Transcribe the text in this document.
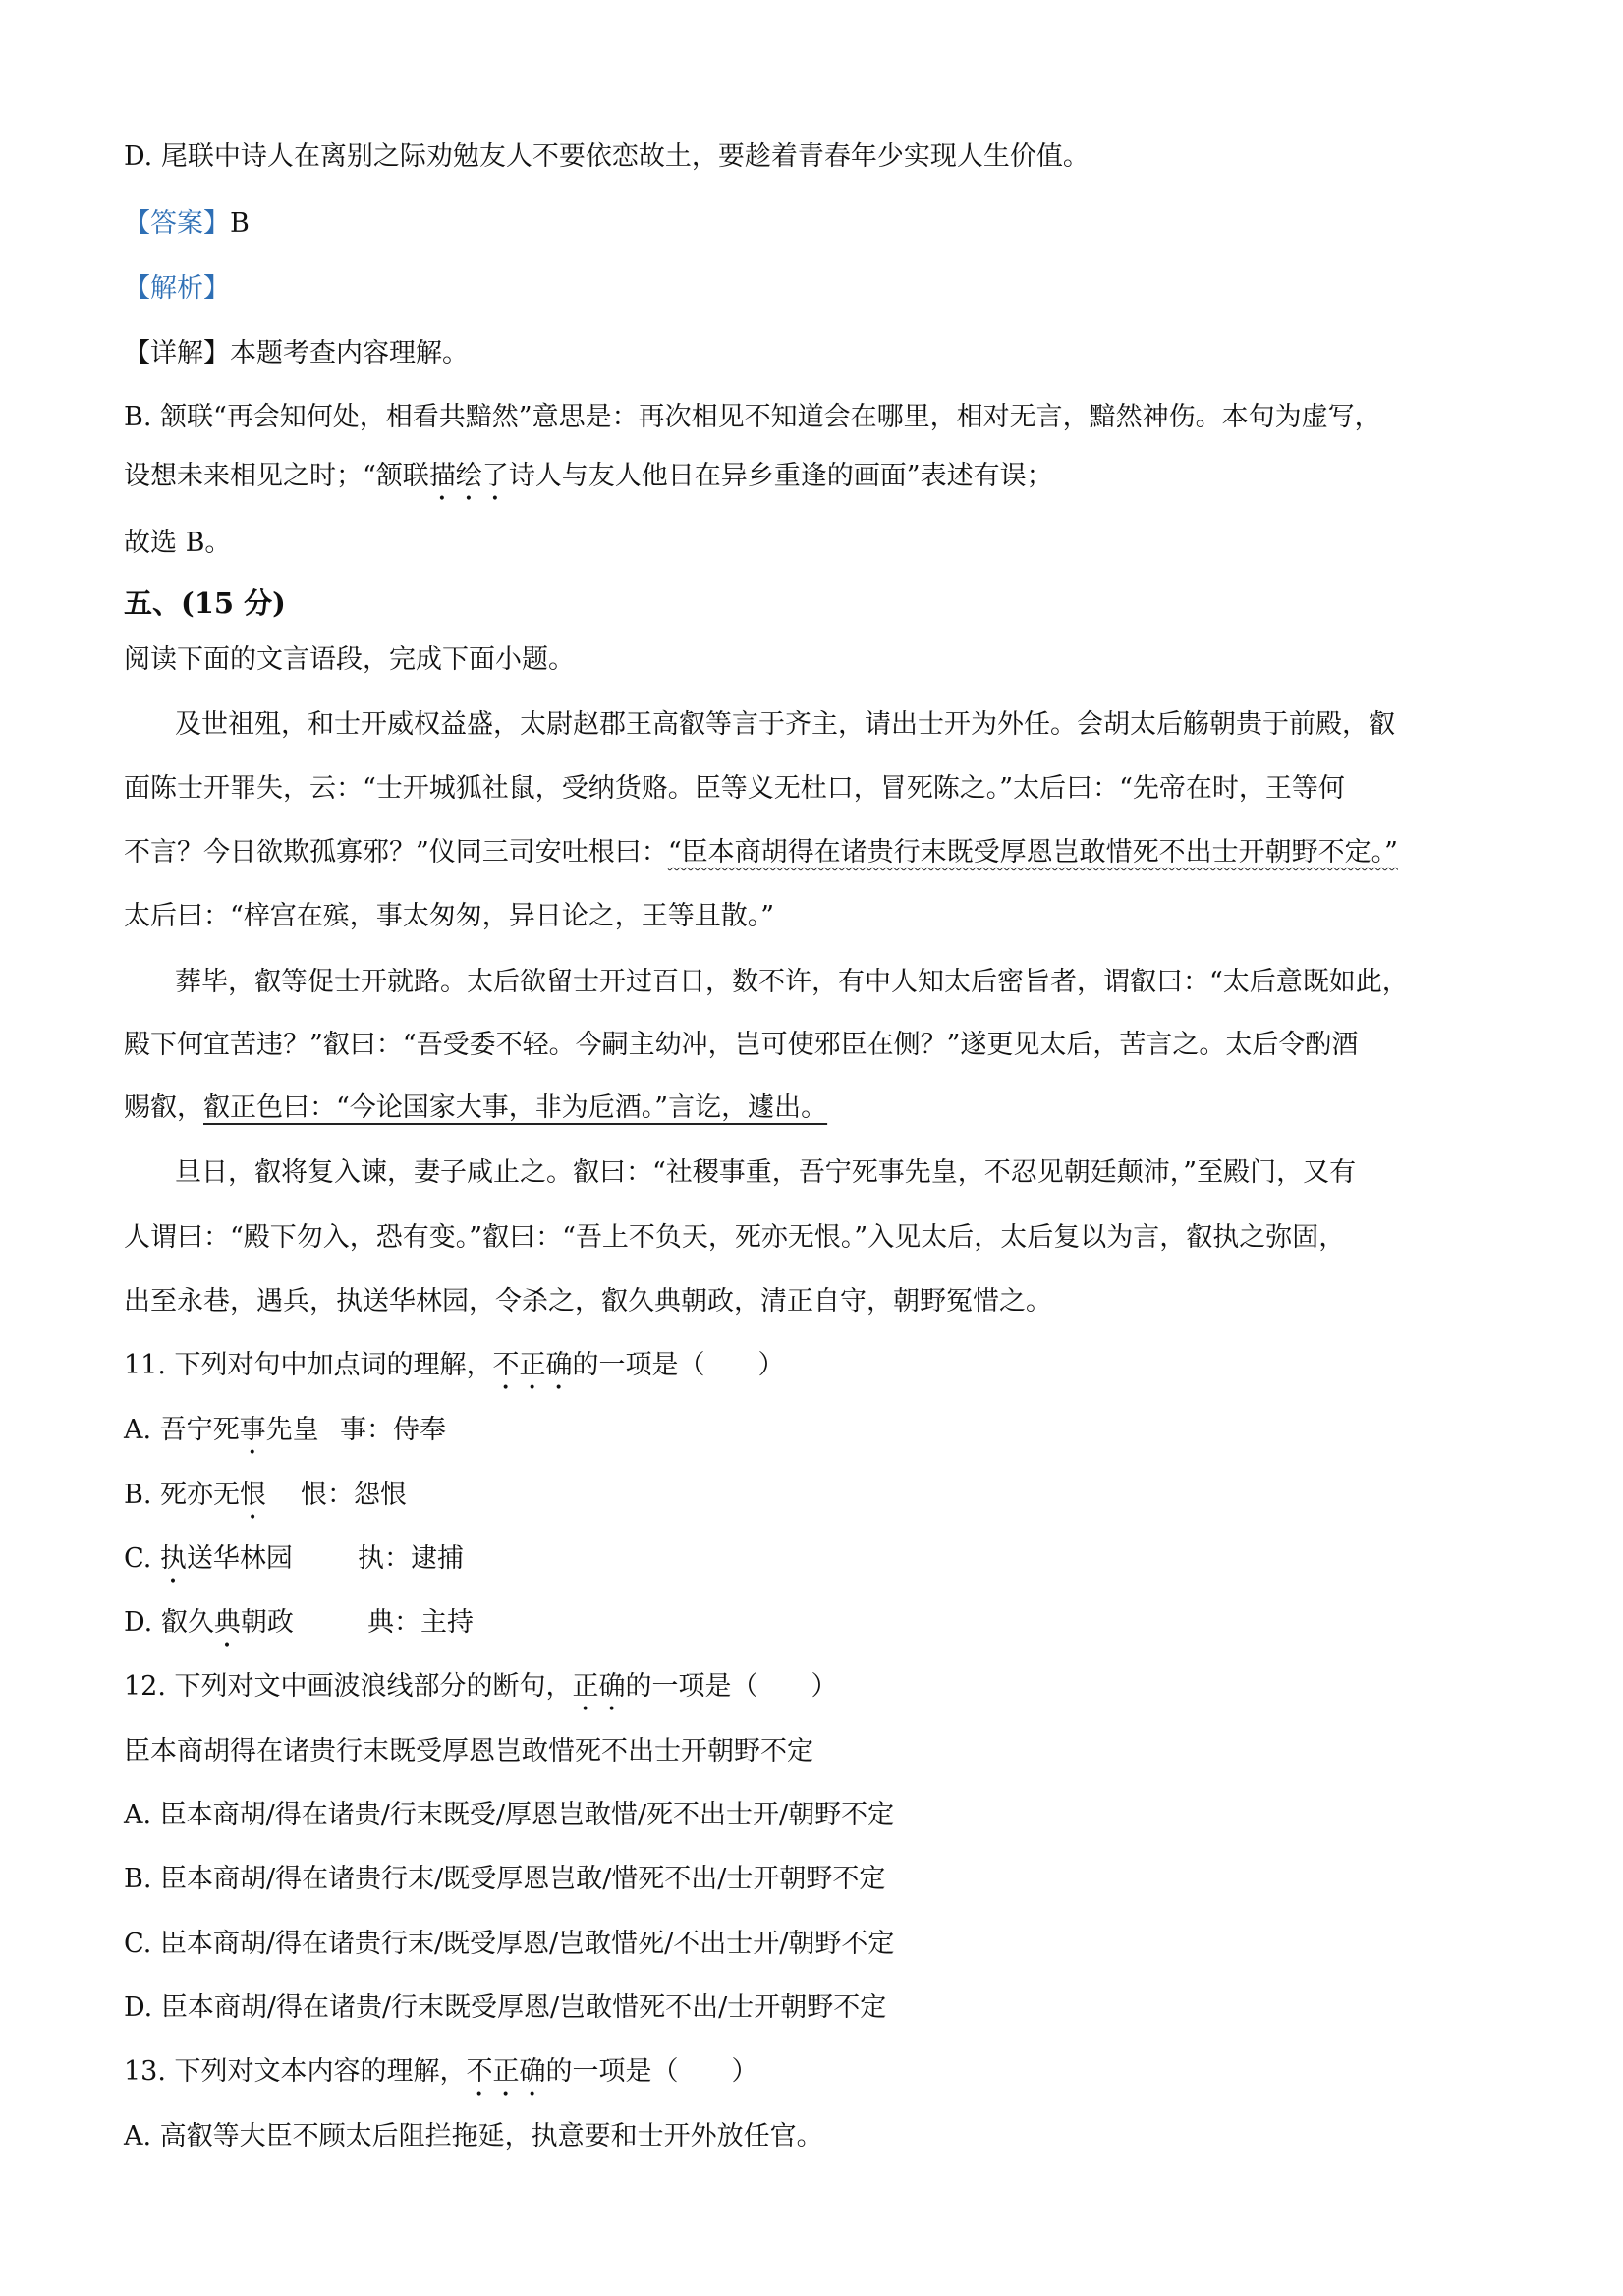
D. 尾联中诗人在离别之际劝勉友人不要依恋故土，要趁着青春年少实现人生价值。
【答案】B
【解析】
【详解】本题考查内容理解。
B. 颔联“再会知何处，相看共黯然”意思是：再次相见不知道会在哪里，相对无言，黯然神伤。本句为虚写，
设想未来相见之时；“颔联描绘了诗人与友人他日在异乡重逢的画面”表述有误；
故选 B。
五、(15 分)
阅读下面的文言语段，完成下面小题。
及世祖殂，和士开威权益盛，太尉赵郡王高叡等言于齐主，请出士开为外任。会胡太后觞朝贵于前殿，叡
面陈士开罪失，云：“士开城狐社鼠，受纳货赂。臣等义无杜口，冒死陈之。”太后曰：“先帝在时，王等何
不言？今日欲欺孤寡邪？”仪同三司安吐根曰：“臣本商胡得在诸贵行末既受厚恩岂敢惜死不出士开朝野不定。”
太后曰：“梓宫在殡，事太匆匆，异日论之，王等且散。”
葬毕，叡等促士开就路。太后欲留士开过百日，数不许，有中人知太后密旨者，谓叡曰：“太后意既如此，
殿下何宜苦违？”叡曰：“吾受委不轻。今嗣主幼冲，岂可使邪臣在侧？”遂更见太后，苦言之。太后令酌酒
赐叡，叡正色曰：“今论国家大事，非为卮酒。”言讫，遽出。
旦日，叡将复入谏，妻子咸止之。叡曰：“社稷事重，吾宁死事先皇，不忍见朝廷颠沛，”至殿门，又有
人谓曰：“殿下勿入，恐有变。”叡曰：“吾上不负天，死亦无恨。”入见太后，太后复以为言，叡执之弥固，
出至永巷，遇兵，执送华林园，令杀之，叡久典朝政，清正自守，朝野冤惜之。
11. 下列对句中加点词的理解，不正确的一项是（　　）
A. 吾宁死事先皇 事：侍奉
B. 死亦无恨 恨：怨恨
C. 执送华林园 执：逮捕
D. 叡久典朝政	典：主持
12. 下列对文中画波浪线部分的断句，正确的一项是（　　）
臣本商胡得在诸贵行末既受厚恩岂敢惜死不出士开朝野不定
A. 臣本商胡/得在诸贵/行末既受/厚恩岂敢惜/死不出士开/朝野不定
B. 臣本商胡/得在诸贵行末/既受厚恩岂敢/惜死不出/士开朝野不定
C. 臣本商胡/得在诸贵行末/既受厚恩/岂敢惜死/不出士开/朝野不定
D. 臣本商胡/得在诸贵/行末既受厚恩/岂敢惜死不出/士开朝野不定
13. 下列对文本内容的理解，不正确的一项是（　　）
A. 高叡等大臣不顾太后阻拦拖延，执意要和士开外放任官。
